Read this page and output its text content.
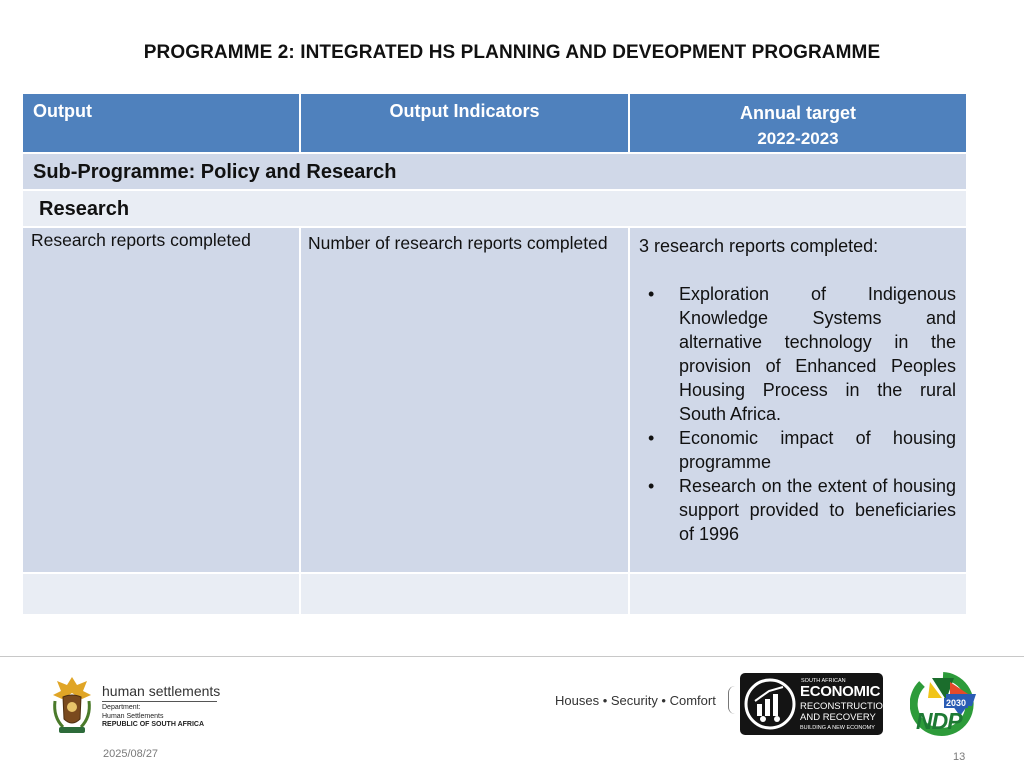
PROGRAMME 2: INTEGRATED HS PLANNING AND DEVEOPMENT PROGRAMME
Output	Output Indicators	Annual target
2022-2023
Sub-Programme: Policy and Research
Research
Research reports completed	Number of research reports completed	3 research reports completed:
• Exploration of Indigenous Knowledge Systems and alternative technology in the provision of Enhanced Peoples Housing Process in the rural South Africa.
• Economic impact of housing programme
• Research on the extent of housing support provided to beneficiaries of 1996
human settlements
Department:
Human Settlements
REPUBLIC OF SOUTH AFRICA
Houses • Security • Comfort
SOUTH AFRICAN
ECONOMIC
RECONSTRUCTION
AND RECOVERY
BUILDING A NEW ECONOMY
2030
NDP
2025/08/27	13
